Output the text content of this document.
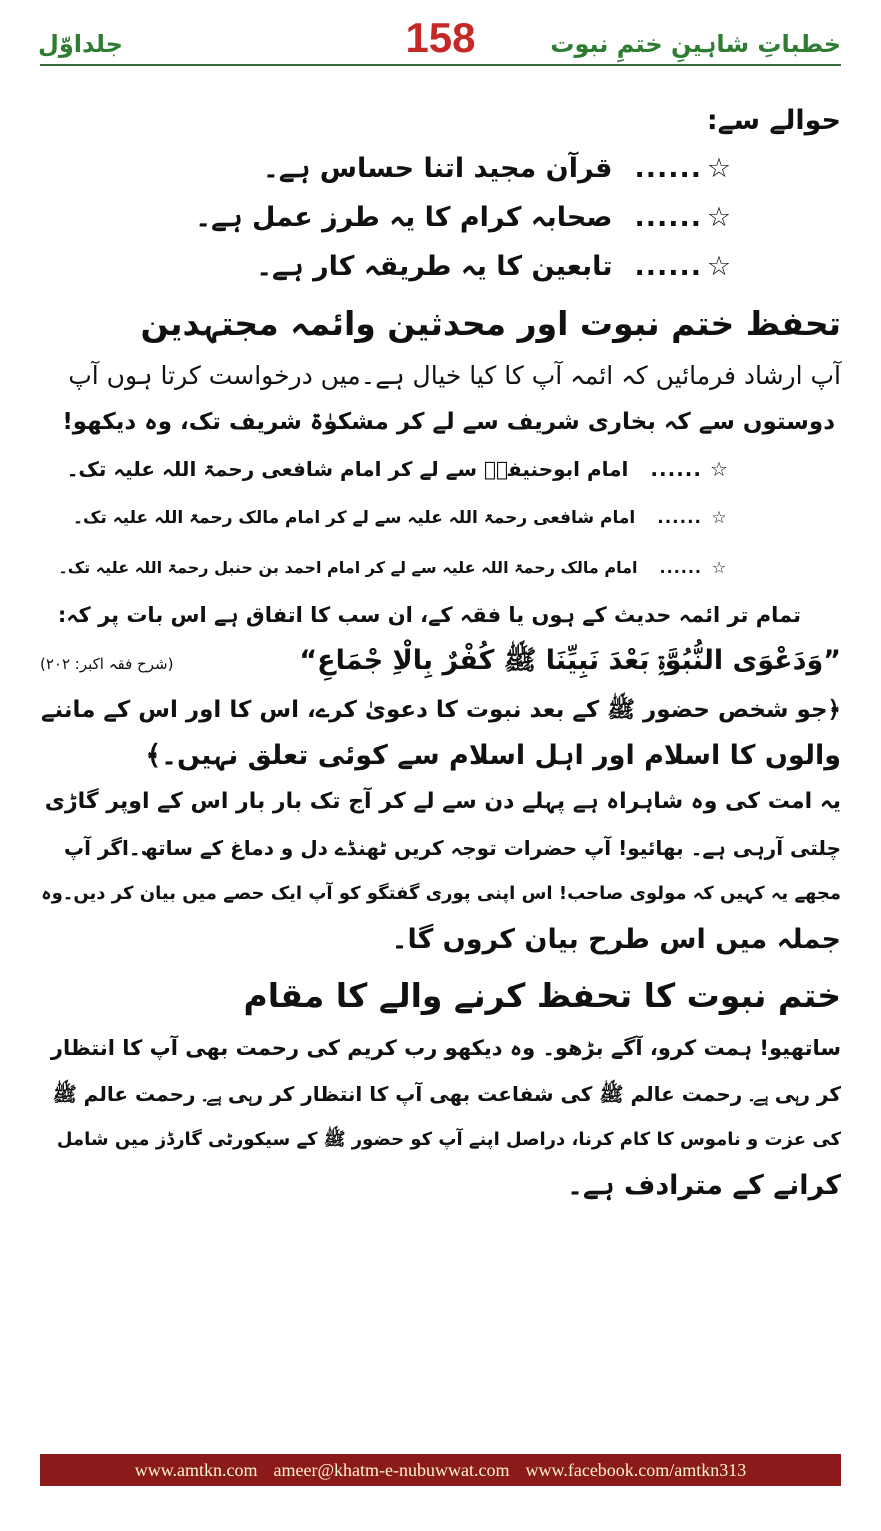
جلداوّل	158	خطباتِ شاہینِ ختمِ نبوت
حوالے سے:
☆......قرآن مجید اتنا حساس ہے۔
☆......صحابہ کرام کا یہ طرز عمل ہے۔
☆......تابعین کا یہ طریقہ کار ہے۔
تحفظ ختم نبوت اور محدثین وائمہ مجتہدین
آپ ارشاد فرمائیں کہ ائمہ آپ کا کیا خیال ہے۔میں درخواست کرتا ہوں آپ
دوستوں سے کہ بخاری شریف سے لے کر مشکوٰۃ شریف تک، وہ دیکھو!
☆......امام ابوحنیفہؒ سے لے کر امام شافعی رحمۃ اللہ علیہ تک۔
☆......امام شافعی رحمۃ اللہ علیہ سے لے کر امام مالک رحمۃ اللہ علیہ تک۔
☆......امام مالک رحمۃ اللہ علیہ سے لے کر امام احمد بن حنبل رحمۃ اللہ علیہ تک۔
تمام تر ائمہ حدیث کے ہوں یا فقہ کے، ان سب کا اتفاق ہے اس بات پر کہ:
”وَدَعْوَی النُّبُوَّۃِ بَعْدَ نَبِیِّنَا ﷺ کُفْرٌ بِالْاِ جْمَاعِ“
(شرح فقہ اکبر: ۲۰۲)
﴿جو شخص حضور ﷺ کے بعد نبوت کا دعویٰ کرے، اس کا اور اس کے ماننے
والوں کا اسلام اور اہل اسلام سے کوئی تعلق نہیں۔﴾
یہ امت کی وہ شاہراہ ہے پہلے دن سے لے کر آج تک بار بار اس کے اوپر گاڑی
چلتی آرہی ہے۔ بھائیو! آپ حضرات توجہ کریں ٹھنڈے دل و دماغ کے ساتھ۔اگر آپ
مجھے یہ کہیں کہ مولوی صاحب! اس اپنی پوری گفتگو کو آپ ایک حصے میں بیان کر دیں۔وہ
جملہ میں اس طرح بیان کروں گا۔
ختم نبوت کا تحفظ کرنے والے کا مقام
ساتھیو! ہمت کرو، آگے بڑھو۔ وہ دیکھو رب کریم کی رحمت بھی آپ کا انتظار
کر رہی ہے۔ رحمت عالم ﷺ کی شفاعت بھی آپ کا انتظار کر رہی ہے۔ رحمت عالم ﷺ
کی عزت و ناموس کا کام کرنا، دراصل اپنے آپ کو حضور ﷺ کے سیکورٹی گارڈز میں شامل
کرانے کے مترادف ہے۔
www.amtkn.com ameer@khatm-e-nubuwwat.com www.facebook.com/amtkn313
